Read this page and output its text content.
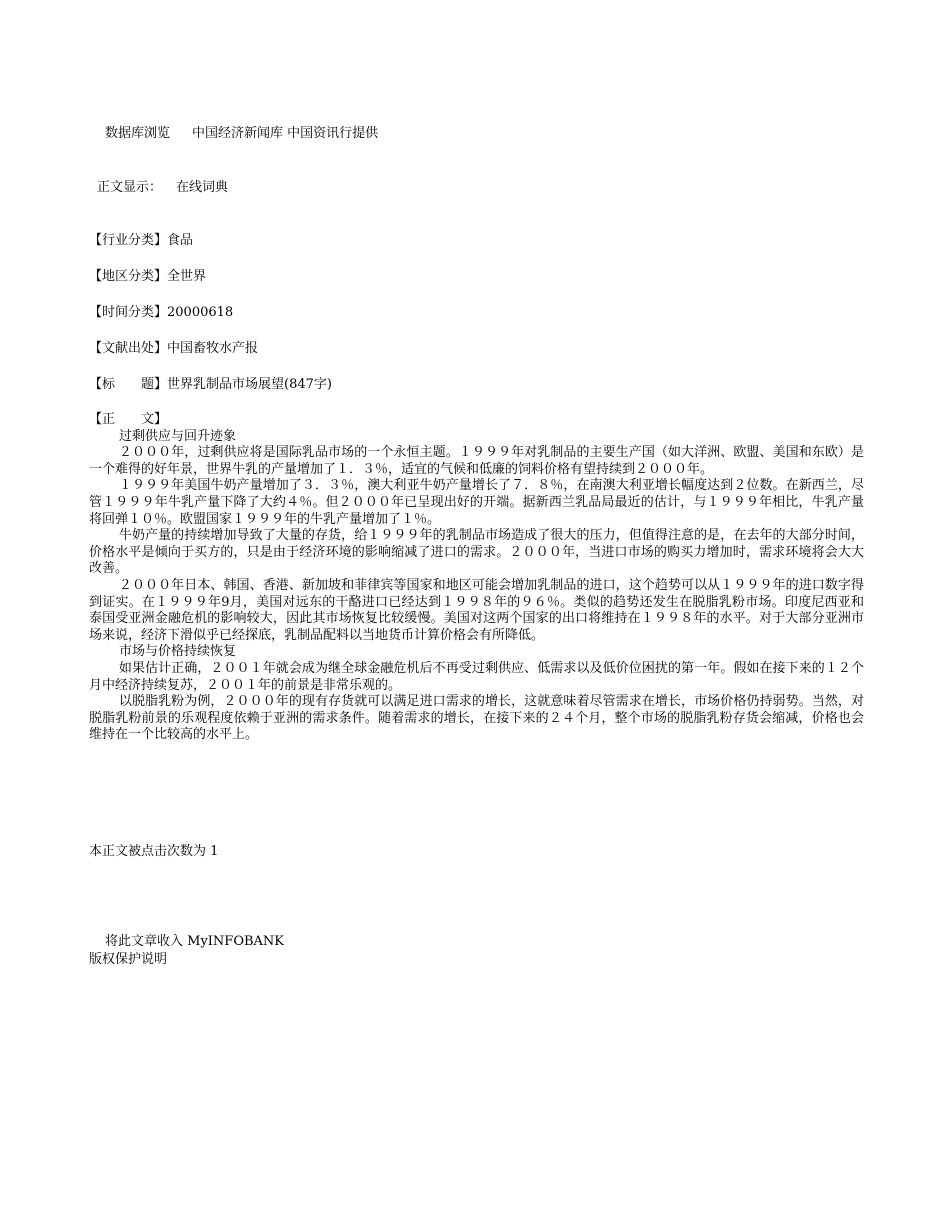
数据库浏览 中国经济新闻库 中国资讯行提供
正文显示： 在线词典
【行业分类】食品
【地区分类】全世界
【时间分类】20000618
【文献出处】中国畜牧水产报
【标　　题】世界乳制品市场展望(847字)
【正　　文】
过剩供应与回升迹象

２０００年，过剩供应将是国际乳品市场的一个永恒主题。１９９９年对乳制品的主要生产国（如大洋洲、欧盟、美国和东欧）是一个难得的好年景，世界牛乳的产量增加了１．３％，适宜的气候和低廉的饲料价格有望持续到２０００年。

１９９９年美国牛奶产量增加了３．３％，澳大利亚牛奶产量增长了７．８％，在南澳大利亚增长幅度达到２位数。在新西兰，尽管１９９９年牛乳产量下降了大约４％。但２０００年已呈现出好的开端。据新西兰乳品局最近的估计，与１９９９年相比，牛乳产量将回弹１０％。欧盟国家１９９９年的牛乳产量增加了１％。

牛奶产量的持续增加导致了大量的存货，给１９９９年的乳制品市场造成了很大的压力，但值得注意的是，在去年的大部分时间，价格水平是倾向于买方的，只是由于经济环境的影响缩减了进口的需求。２０００年，当进口市场的购买力增加时，需求环境将会大大改善。

２０００年日本、韩国、香港、新加坡和菲律宾等国家和地区可能会增加乳制品的进口，这个趋势可以从１９９９年的进口数字得到证实。在１９９９年9月，美国对远东的干酪进口已经达到１９９８年的９６％。类似的趋势还发生在脱脂乳粉市场。印度尼西亚和泰国受亚洲金融危机的影响较大，因此其市场恢复比较缓慢。美国对这两个国家的出口将维持在１９９８年的水平。对于大部分亚洲市场来说，经济下滑似乎已经探底，乳制品配料以当地货币计算价格会有所降低。

市场与价格持续恢复

如果估计正确，２００１年就会成为继全球金融危机后不再受过剩供应、低需求以及低价位困扰的第一年。假如在接下来的１２个月中经济持续复苏，２００１年的前景是非常乐观的。

以脱脂乳粉为例，２０００年的现有存货就可以满足进口需求的增长，这就意味着尽管需求在增长，市场价格仍持弱势。当然，对脱脂乳粉前景的乐观程度依赖于亚洲的需求条件。随着需求的增长，在接下来的２４个月，整个市场的脱脂乳粉存货会缩减，价格也会维持在一个比较高的水平上。

本正文被点击次数为 1
将此文章收入 MyINFOBANK
版权保护说明
